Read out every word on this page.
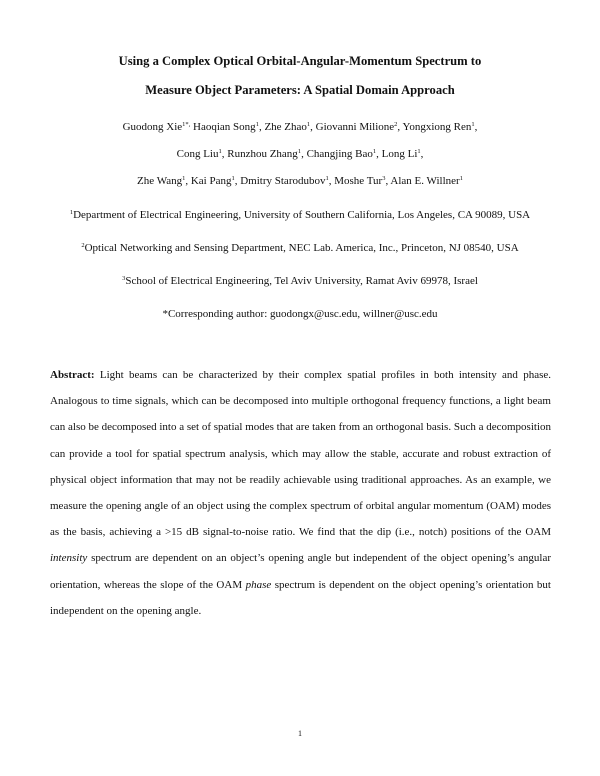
Using a Complex Optical Orbital-Angular-Momentum Spectrum to
Measure Object Parameters: A Spatial Domain Approach
Guodong Xie$^{1*,}$ Haoqian Song$^1$, Zhe Zhao$^1$, Giovanni Milione$^2$, Yongxiong Ren$^1$,
Cong Liu$^1$, Runzhou Zhang$^1$, Changjing Bao$^1$, Long Li$^1$,
Zhe Wang$^1$, Kai Pang$^1$, Dmitry Starodubov$^1$, Moshe Tur$^3$, Alan E. Willner$^1$
$^1$Department of Electrical Engineering, University of Southern California, Los Angeles, CA 90089, USA
$^2$Optical Networking and Sensing Department, NEC Lab. America, Inc., Princeton, NJ 08540, USA
$^3$School of Electrical Engineering, Tel Aviv University, Ramat Aviv 69978, Israel
*Corresponding author: guodongx@usc.edu, willner@usc.edu
Abstract: Light beams can be characterized by their complex spatial profiles in both intensity and phase. Analogous to time signals, which can be decomposed into multiple orthogonal frequency functions, a light beam can also be decomposed into a set of spatial modes that are taken from an orthogonal basis. Such a decomposition can provide a tool for spatial spectrum analysis, which may allow the stable, accurate and robust extraction of physical object information that may not be readily achievable using traditional approaches. As an example, we measure the opening angle of an object using the complex spectrum of orbital angular momentum (OAM) modes as the basis, achieving a >15 dB signal-to-noise ratio. We find that the dip (i.e., notch) positions of the OAM intensity spectrum are dependent on an object’s opening angle but independent of the object opening’s angular orientation, whereas the slope of the OAM phase spectrum is dependent on the object opening’s orientation but independent on the opening angle.
1
